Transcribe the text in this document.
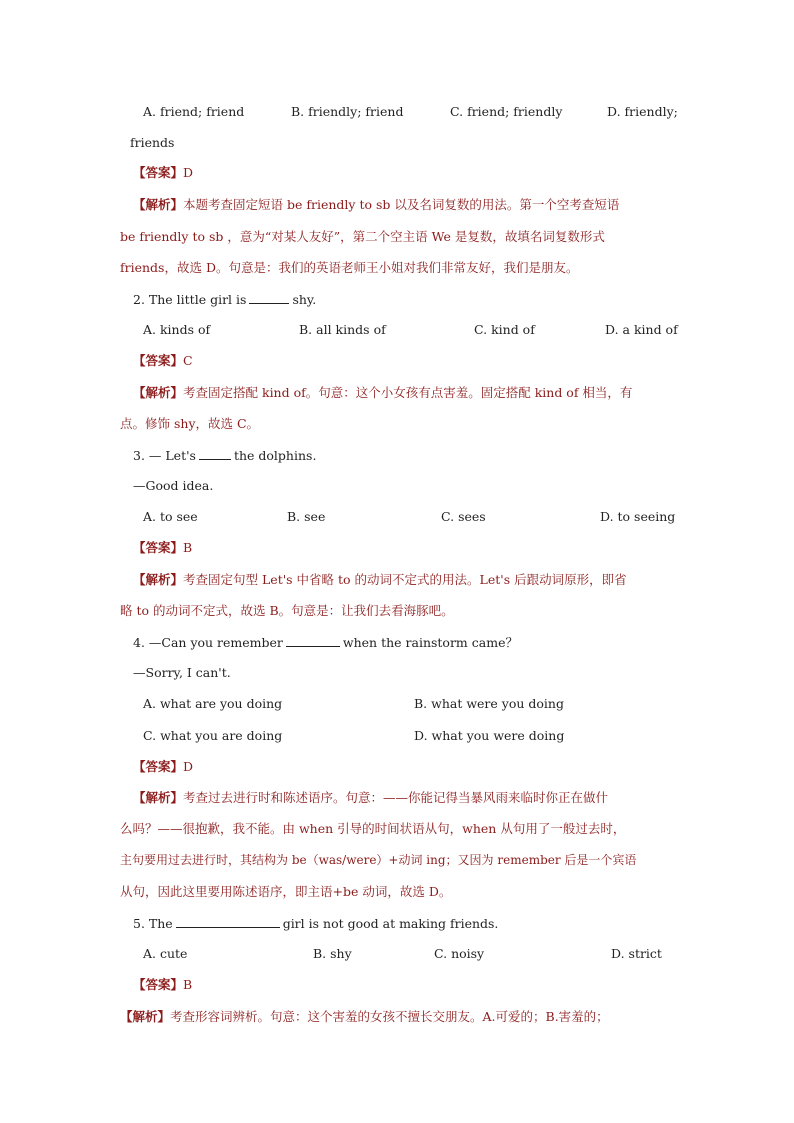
A. friend; friend	B. friendly; friend	C. friend; friendly	D. friendly;
friends
【答案】D
【解析】本题考查固定短语 be friendly to sb 以及名词复数的用法。第一个空考查短语
be friendly to sb ，意为“对某人友好”，第二个空主语 We 是复数，故填名词复数形式
friends，故选 D。句意是：我们的英语老师王小姐对我们非常友好，我们是朋友。
2. The little girl is	shy.
A. kinds of	B. all kinds of	C. kind of	D. a kind of
【答案】C
【解析】考查固定搭配 kind of。句意：这个小女孩有点害羞。固定搭配 kind of 相当，有
点。修饰 shy，故选 C。
3. — Let's	the dolphins.
—Good idea.
A. to see	B. see	C. sees	D. to seeing
【答案】B
【解析】考查固定句型 Let's 中省略 to 的动词不定式的用法。Let's 后跟动词原形，即省
略 to 的动词不定式，故选 B。句意是：让我们去看海豚吧。
4. —Can you remember	when the rainstorm came？
—Sorry, I can't.
A. what are you doing	B. what were you doing
C. what you are doing	D. what you were doing
【答案】D
【解析】考查过去进行时和陈述语序。句意：——你能记得当暴风雨来临时你正在做什
么吗？——很抱歉，我不能。由 when 引导的时间状语从句，when 从句用了一般过去时，
主句要用过去进行时，其结构为 be（was/were）+动词 ing；又因为 remember 后是一个宾语
从句，因此这里要用陈述语序，即主语+be 动词，故选 D。
5. The	girl is not good at making friends.
A. cute	B. shy	C. noisy	D. strict
【答案】B
【解析】考查形容词辨析。句意：这个害羞的女孩不擅长交朋友。A.可爱的；B.害羞的；
